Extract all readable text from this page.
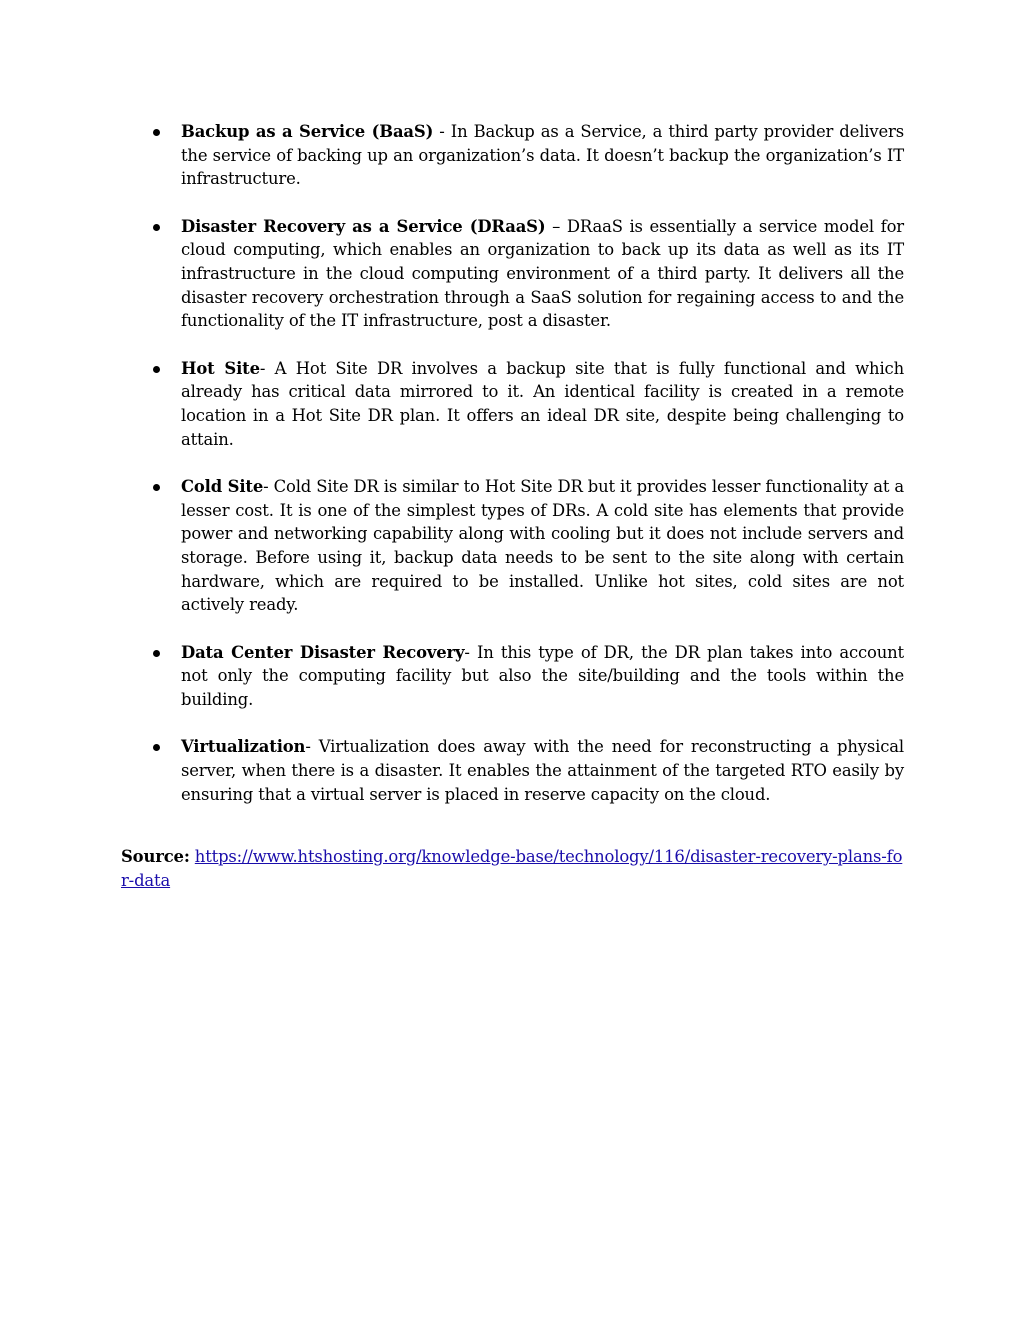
Backup as a Service (BaaS) - In Backup as a Service, a third party provider delivers the service of backing up an organization’s data. It doesn’t backup the organization’s IT infrastructure.
Disaster Recovery as a Service (DRaaS) – DRaaS is essentially a service model for cloud computing, which enables an organization to back up its data as well as its IT infrastructure in the cloud computing environment of a third party. It delivers all the disaster recovery orchestration through a SaaS solution for regaining access to and the functionality of the IT infrastructure, post a disaster.
Hot Site- A Hot Site DR involves a backup site that is fully functional and which already has critical data mirrored to it. An identical facility is created in a remote location in a Hot Site DR plan. It offers an ideal DR site, despite being challenging to attain.
Cold Site- Cold Site DR is similar to Hot Site DR but it provides lesser functionality at a lesser cost. It is one of the simplest types of DRs. A cold site has elements that provide power and networking capability along with cooling but it does not include servers and storage. Before using it, backup data needs to be sent to the site along with certain hardware, which are required to be installed. Unlike hot sites, cold sites are not actively ready.
Data Center Disaster Recovery- In this type of DR, the DR plan takes into account not only the computing facility but also the site/building and the tools within the building.
Virtualization- Virtualization does away with the need for reconstructing a physical server, when there is a disaster. It enables the attainment of the targeted RTO easily by ensuring that a virtual server is placed in reserve capacity on the cloud.

Source: https://www.htshosting.org/knowledge-base/technology/116/disaster-recovery-plans-for-data
